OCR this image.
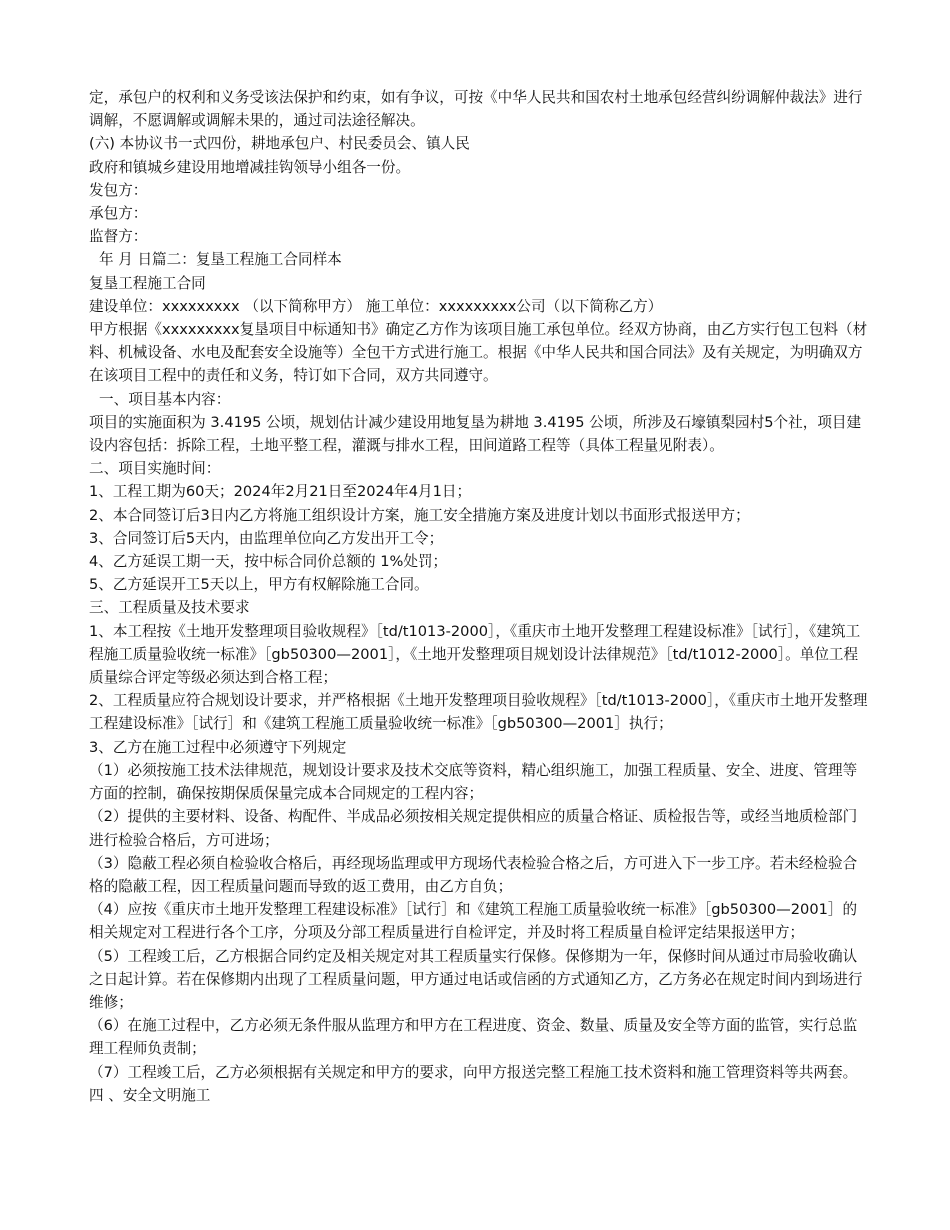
定，承包户的权利和义务受该法保护和约束，如有争议，可按《中华人民共和国农村土地承包经营纠纷调解仲裁法》进行调解，不愿调解或调解未果的，通过司法途径解决。

(六) 本协议书一式四份，耕地承包户、村民委员会、镇人民

政府和镇城乡建设用地增减挂钩领导小组各一份。

发包方：

承包方：

监督方：

年 月 日篇二：复垦工程施工合同样本

复垦工程施工合同

建设单位：xxxxxxxxx （以下简称甲方） 施工单位：xxxxxxxxx公司（以下简称乙方）

甲方根据《xxxxxxxxx复垦项目中标通知书》确定乙方作为该项目施工承包单位。经双方协商，由乙方实行包工包料（材料、机械设备、水电及配套安全设施等）全包干方式进行施工。根据《中华人民共和国合同法》及有关规定，为明确双方在该项目工程中的责任和义务，特订如下合同，双方共同遵守。

一、项目基本内容：

项目的实施面积为 3.4195 公顷，规划估计减少建设用地复垦为耕地 3.4195 公顷，所涉及石壕镇梨园村5个社，项目建设内容包括：拆除工程，土地平整工程，灌溉与排水工程，田间道路工程等（具体工程量见附表）。

二、项目实施时间：

1、工程工期为60天；2024年2月21日至2024年4月1日；

2、本合同签订后3日内乙方将施工组织设计方案，施工安全措施方案及进度计划以书面形式报送甲方；

3、合同签订后5天内，由监理单位向乙方发出开工令；

4、乙方延误工期一天，按中标合同价总额的 1%处罚；

5、乙方延误开工5天以上，甲方有权解除施工合同。

三、工程质量及技术要求

1、本工程按《土地开发整理项目验收规程》［td/t1013-2000］，《重庆市土地开发整理工程建设标准》［试行］，《建筑工程施工质量验收统一标准》［gb50300—2001］，《土地开发整理项目规划设计法律规范》［td/t1012-2000］。单位工程质量综合评定等级必须达到合格工程；

2、工程质量应符合规划设计要求，并严格根据《土地开发整理项目验收规程》［td/t1013-2000］，《重庆市土地开发整理工程建设标准》［试行］和《建筑工程施工质量验收统一标准》［gb50300—2001］执行；

3、乙方在施工过程中必须遵守下列规定

（1）必须按施工技术法律规范，规划设计要求及技术交底等资料，精心组织施工，加强工程质量、安全、进度、管理等方面的控制，确保按期保质保量完成本合同规定的工程内容；

（2）提供的主要材料、设备、构配件、半成品必须按相关规定提供相应的质量合格证、质检报告等，或经当地质检部门进行检验合格后，方可进场；

（3）隐蔽工程必须自检验收合格后，再经现场监理或甲方现场代表检验合格之后，方可进入下一步工序。若未经检验合格的隐蔽工程，因工程质量问题而导致的返工费用，由乙方自负；

（4）应按《重庆市土地开发整理工程建设标准》［试行］和《建筑工程施工质量验收统一标准》［gb50300—2001］的相关规定对工程进行各个工序，分项及分部工程质量进行自检评定，并及时将工程质量自检评定结果报送甲方；

（5）工程竣工后，乙方根据合同约定及相关规定对其工程质量实行保修。保修期为一年，保修时间从通过市局验收确认之日起计算。若在保修期内出现了工程质量问题，甲方通过电话或信函的方式通知乙方，乙方务必在规定时间内到场进行维修；

（6）在施工过程中，乙方必须无条件服从监理方和甲方在工程进度、资金、数量、质量及安全等方面的监管，实行总监理工程师负责制；

（7）工程竣工后，乙方必须根据有关规定和甲方的要求，向甲方报送完整工程施工技术资料和施工管理资料等共两套。四 、安全文明施工
